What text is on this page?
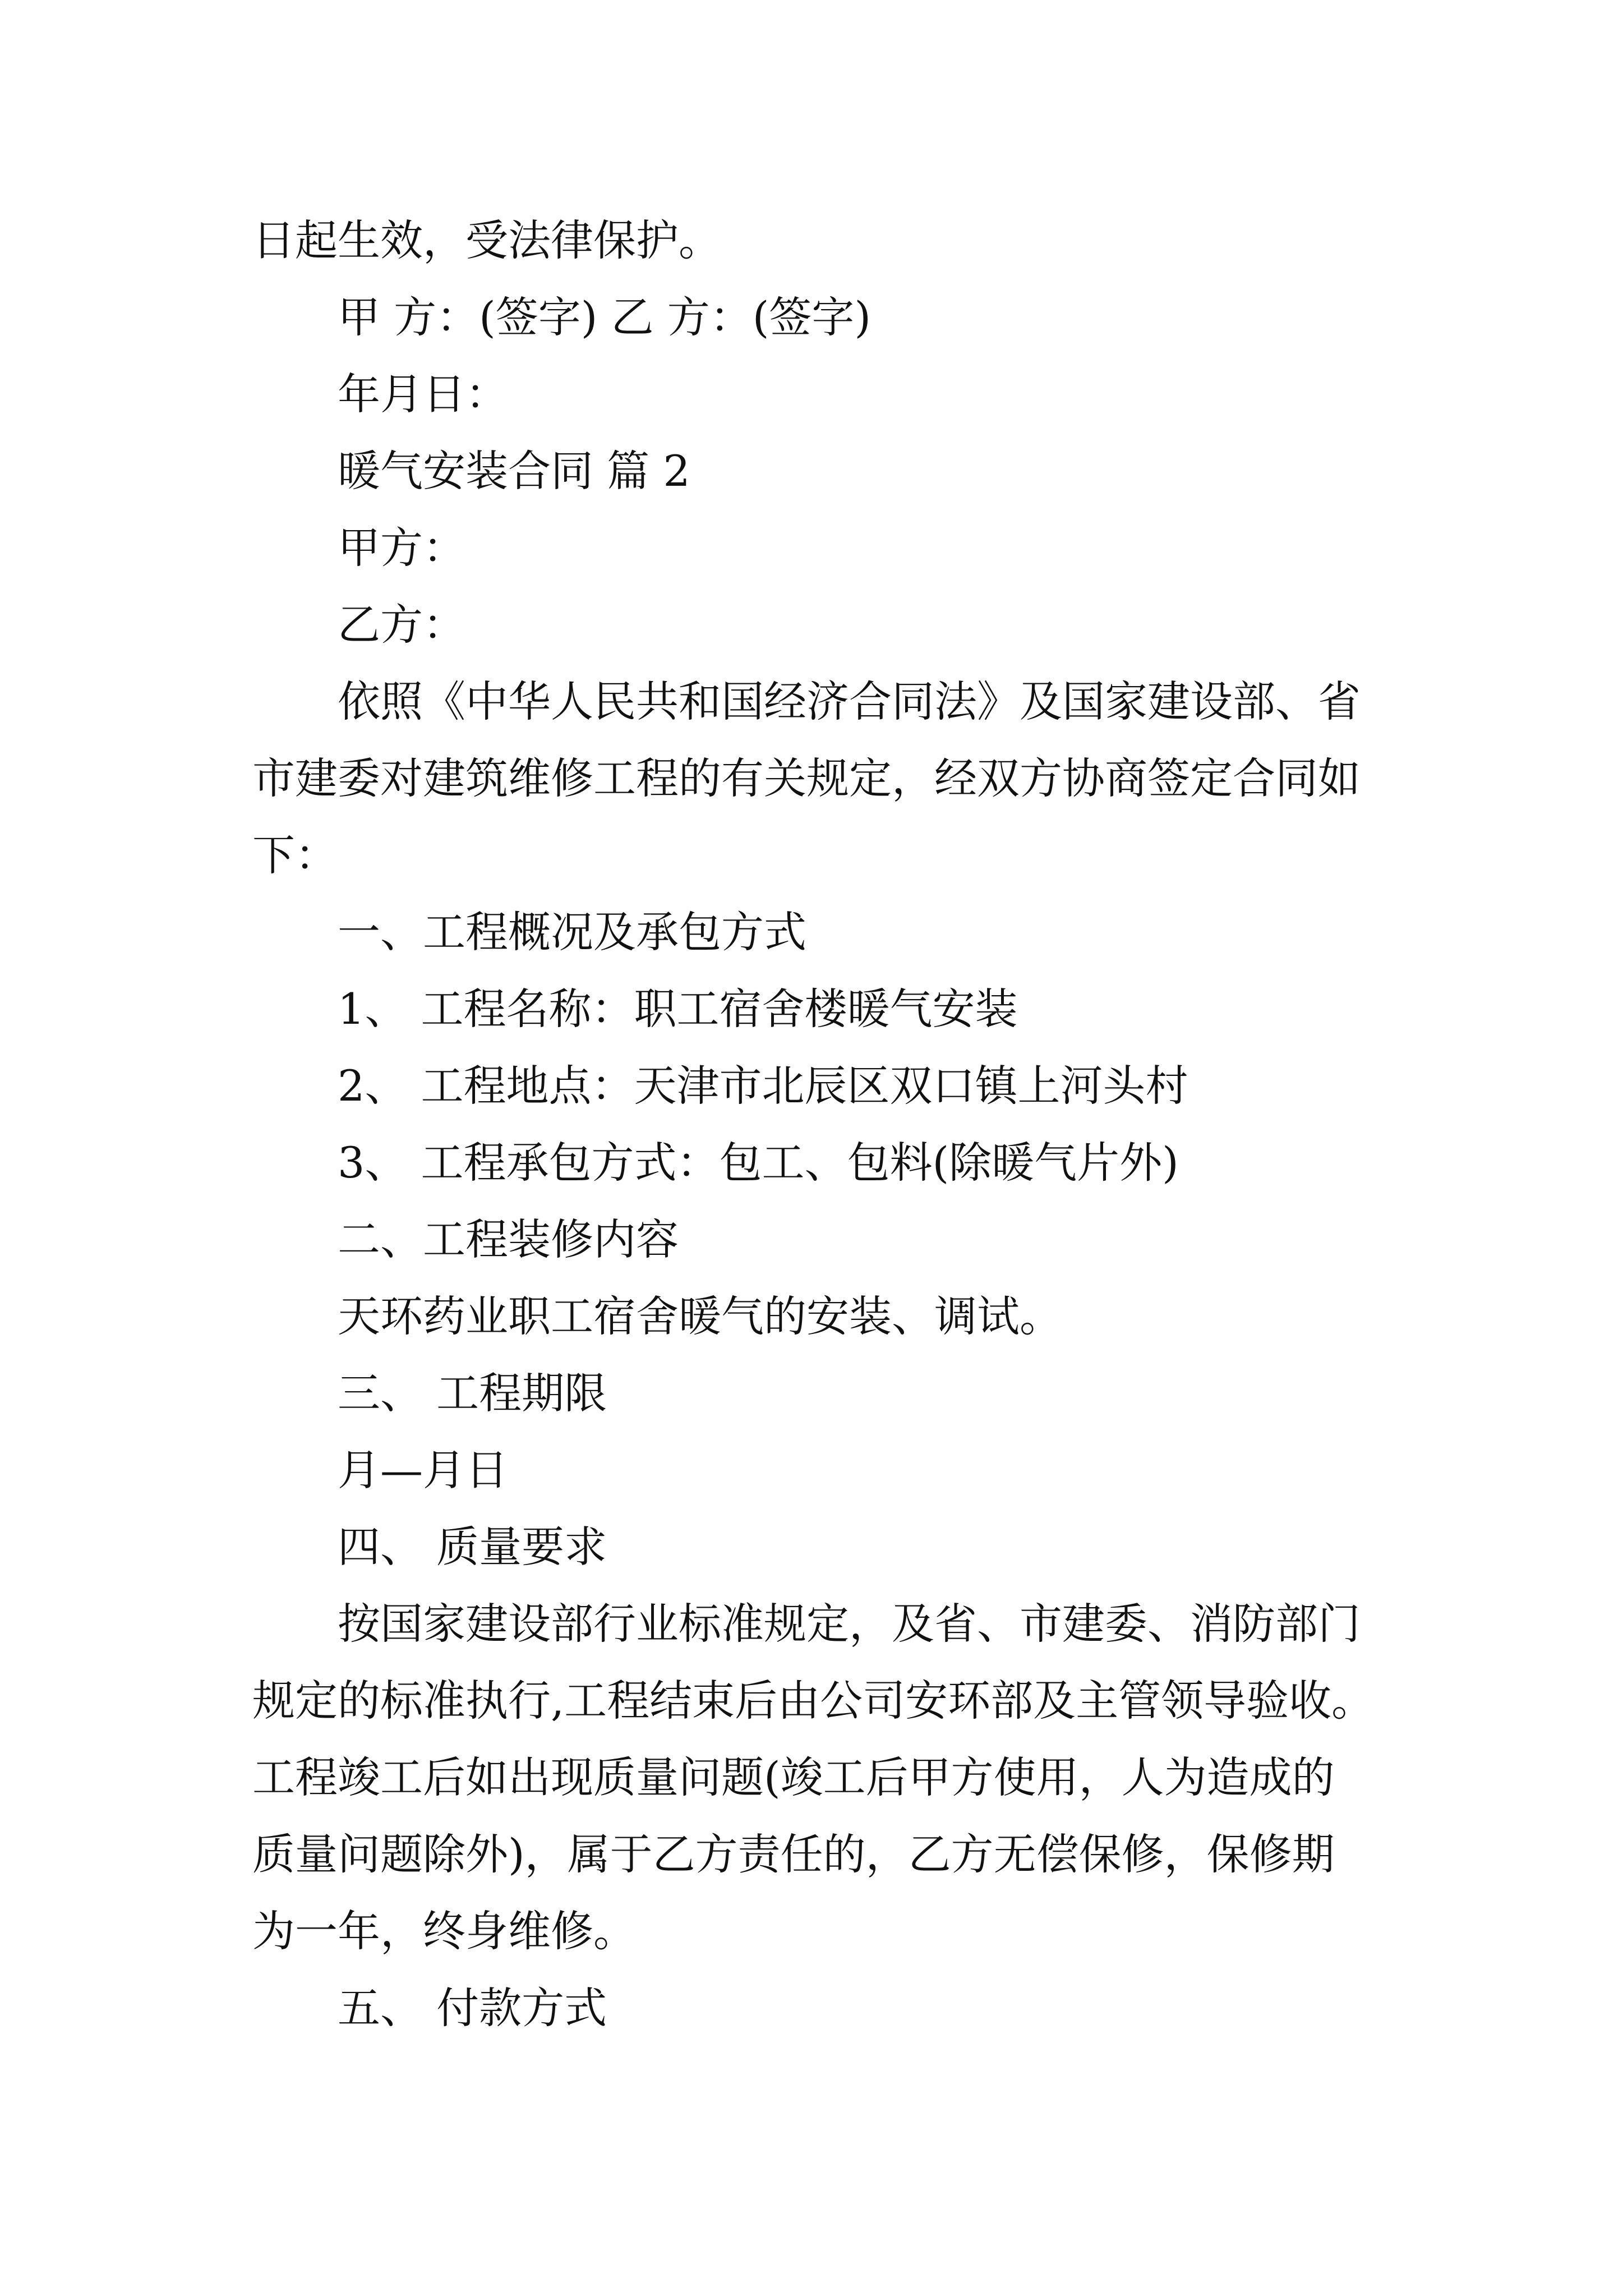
日起生效，受法律保护。
甲 方：(签字) 乙 方：(签字)
年月日：
暖气安装合同 篇 2
甲方：
乙方：
依照《中华人民共和国经济合同法》及国家建设部、省
市建委对建筑维修工程的有关规定，经双方协商签定合同如
下：
一、工程概况及承包方式
1、 工程名称：职工宿舍楼暖气安装
2、 工程地点：天津市北辰区双口镇上河头村
3、 工程承包方式：包工、包料(除暖气片外)
二、工程装修内容
天环药业职工宿舍暖气的安装、调试。
三、 工程期限
月—月日
四、 质量要求
按国家建设部行业标准规定，及省、市建委、消防部门
规定的标准执行,工程结束后由公司安环部及主管领导验收。
工程竣工后如出现质量问题(竣工后甲方使用，人为造成的
质量问题除外)，属于乙方责任的，乙方无偿保修，保修期
为一年，终身维修。
五、 付款方式
